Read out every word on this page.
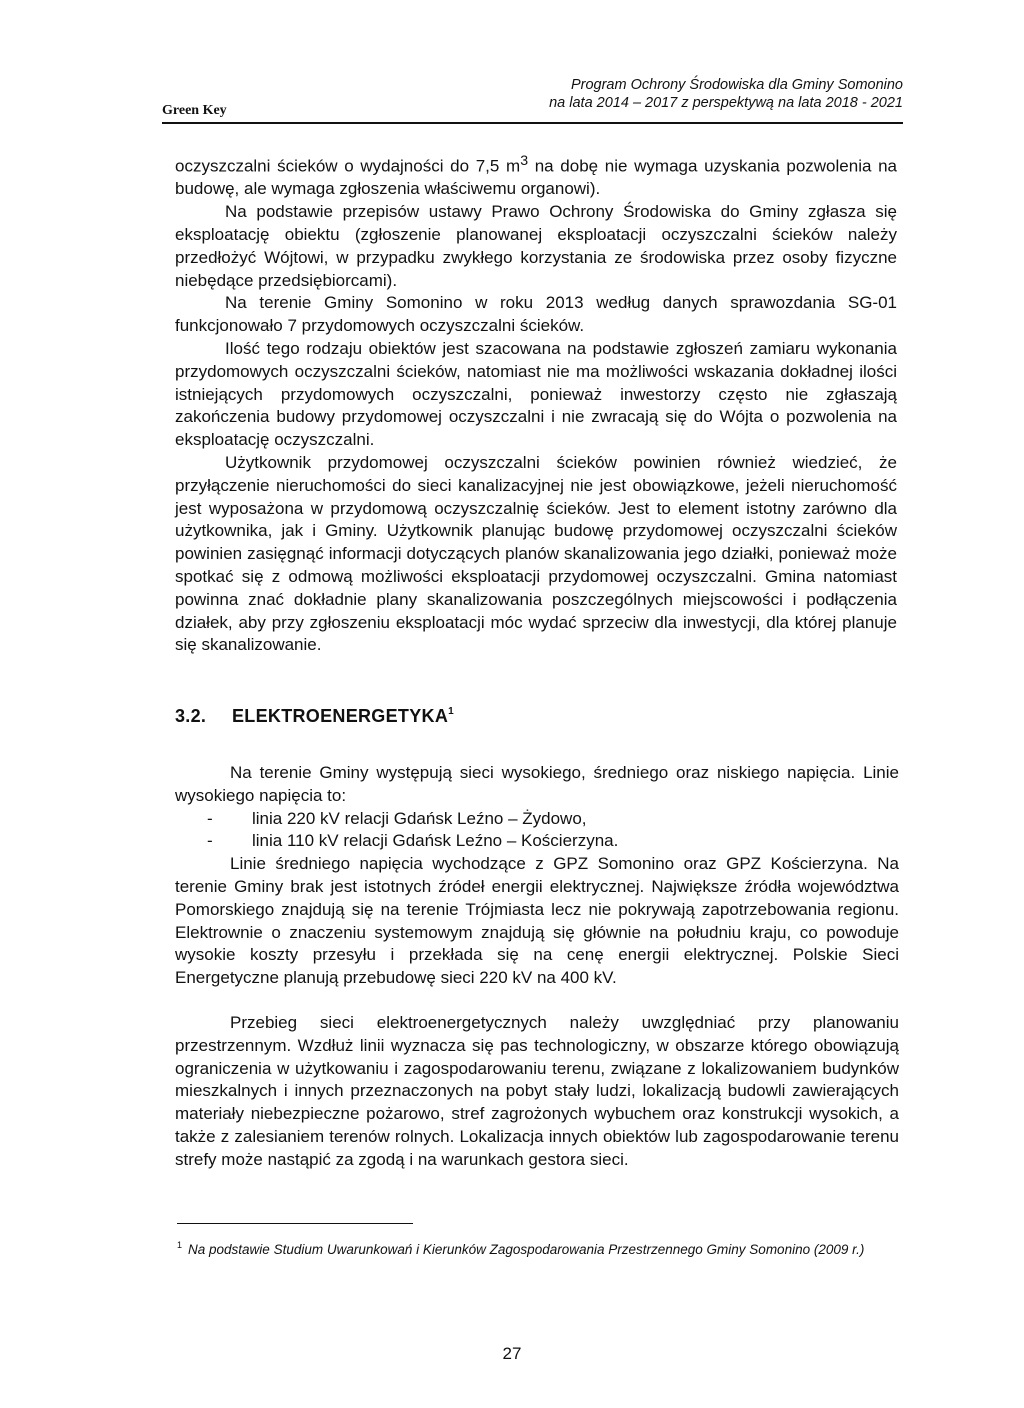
Green Key
Program Ochrony Środowiska dla Gminy Somonino
na lata 2014 – 2017 z perspektywą na lata 2018 - 2021

oczyszczalni ścieków o wydajności do 7,5 $m^3$ na dobę nie wymaga uzyskania pozwolenia na budowę, ale wymaga zgłoszenia właściwemu organowi).

Na podstawie przepisów ustawy Prawo Ochrony Środowiska do Gminy zgłasza się eksploatację obiektu (zgłoszenie planowanej eksploatacji oczyszczalni ścieków należy przedłożyć Wójtowi, w przypadku zwykłego korzystania ze środowiska przez osoby fizyczne niebędące przedsiębiorcami).

Na terenie Gminy Somonino w roku 2013 według danych sprawozdania SG-01 funkcjonowało 7 przydomowych oczyszczalni ścieków.

Ilość tego rodzaju obiektów jest szacowana na podstawie zgłoszeń zamiaru wykonania przydomowych oczyszczalni ścieków, natomiast nie ma możliwości wskazania dokładnej ilości istniejących przydomowych oczyszczalni, ponieważ inwestorzy często nie zgłaszają zakończenia budowy przydomowej oczyszczalni i nie zwracają się do Wójta o pozwolenia na eksploatację oczyszczalni.

Użytkownik przydomowej oczyszczalni ścieków powinien również wiedzieć, że przyłączenie nieruchomości do sieci kanalizacyjnej nie jest obowiązkowe, jeżeli nieruchomość jest wyposażona w przydomową oczyszczalnię ścieków. Jest to element istotny zarówno dla użytkownika, jak i Gminy. Użytkownik planując budowę przydomowej oczyszczalni ścieków powinien zasięgnąć informacji dotyczących planów skanalizowania jego działki, ponieważ może spotkać się z odmową możliwości eksploatacji przydomowej oczyszczalni. Gmina natomiast powinna znać dokładnie plany skanalizowania poszczególnych miejscowości i podłączenia działek, aby przy zgłoszeniu eksploatacji móc wydać sprzeciw dla inwestycji, dla której planuje się skanalizowanie.

3.2. ELEKTROENERGETYKA$^1$

Na terenie Gminy występują sieci wysokiego, średniego oraz niskiego napięcia. Linie wysokiego napięcia to:

- linia 220 kV relacji Gdańsk Leźno – Żydowo,
- linia 110 kV relacji Gdańsk Leźno – Kościerzyna.

Linie średniego napięcia wychodzące z GPZ Somonino oraz GPZ Kościerzyna. Na terenie Gminy brak jest istotnych źródeł energii elektrycznej. Największe źródła województwa Pomorskiego znajdują się na terenie Trójmiasta lecz nie pokrywają zapotrzebowania regionu. Elektrownie o znaczeniu systemowym znajdują się głównie na południu kraju, co powoduje wysokie koszty przesyłu i przekłada się na cenę energii elektrycznej. Polskie Sieci Energetyczne planują przebudowę sieci 220 kV na 400 kV.

Przebieg sieci elektroenergetycznych należy uwzględniać przy planowaniu przestrzennym. Wzdłuż linii wyznacza się pas technologiczny, w obszarze którego obowiązują ograniczenia w użytkowaniu i zagospodarowaniu terenu, związane z lokalizowaniem budynków mieszkalnych i innych przeznaczonych na pobyt stały ludzi, lokalizacją budowli zawierających materiały niebezpieczne pożarowo, stref zagrożonych wybuchem oraz konstrukcji wysokich, a także z zalesianiem terenów rolnych. Lokalizacja innych obiektów lub zagospodarowanie terenu strefy może nastąpić za zgodą i na warunkach gestora sieci.

$^1$ Na podstawie Studium Uwarunkowań i Kierunków Zagospodarowania Przestrzennego Gminy Somonino (2009 r.)
27
